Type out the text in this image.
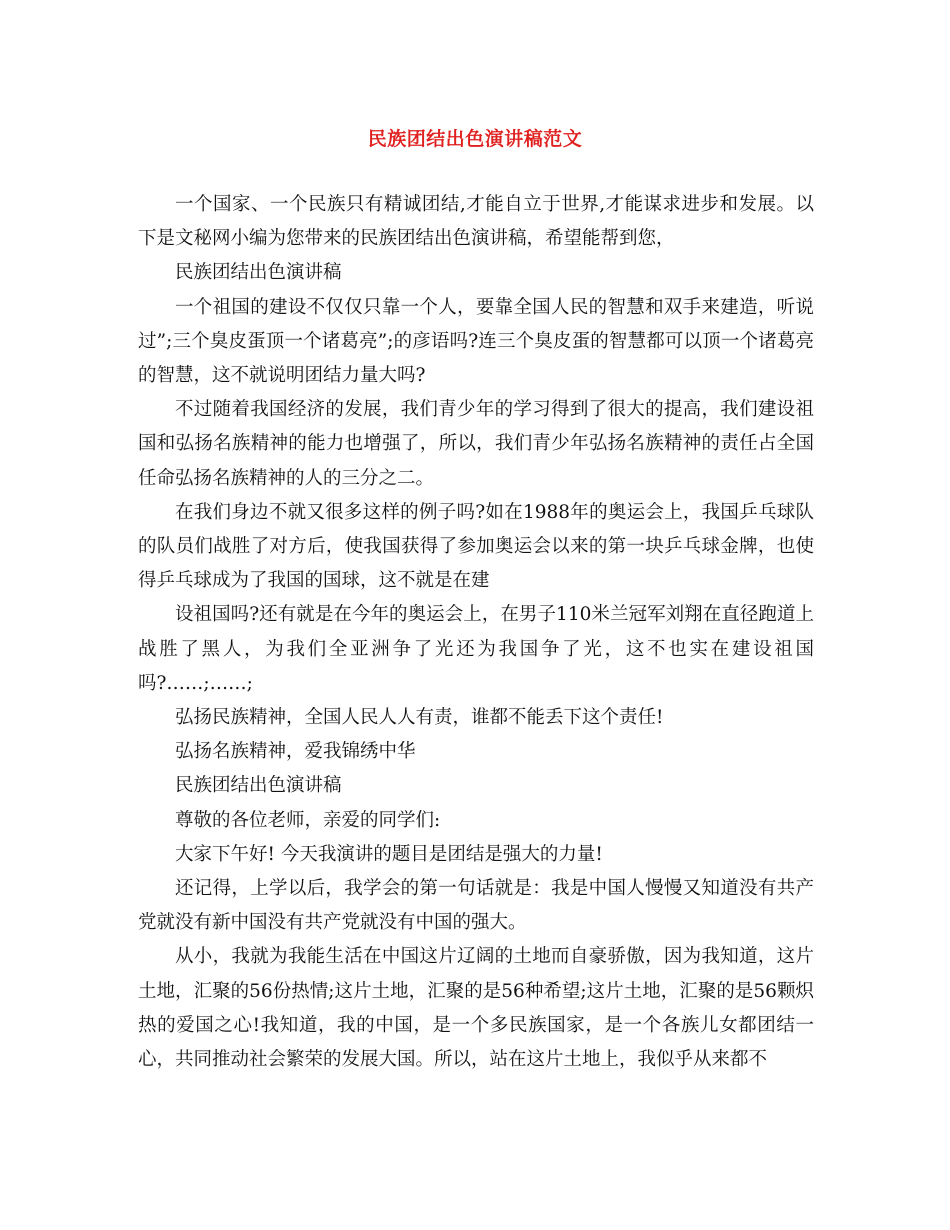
民族团结出色演讲稿范文

一个国家、一个民族只有精诚团结,才能自立于世界,才能谋求进步和发展。以下是文秘网小编为您带来的民族团结出色演讲稿，希望能帮到您，

民族团结出色演讲稿

一个祖国的建设不仅仅只靠一个人，要靠全国人民的智慧和双手来建造，听说过”;三个臭皮蛋顶一个诸葛亮”;的彦语吗?连三个臭皮蛋的智慧都可以顶一个诸葛亮的智慧，这不就说明团结力量大吗?

不过随着我国经济的发展，我们青少年的学习得到了很大的提高，我们建设祖国和弘扬名族精神的能力也增强了，所以，我们青少年弘扬名族精神的责任占全国任命弘扬名族精神的人的三分之二。

在我们身边不就又很多这样的例子吗?如在1988年的奥运会上，我国乒乓球队的队员们战胜了对方后，使我国获得了参加奥运会以来的第一块乒乓球金牌，也使得乒乓球成为了我国的国球，这不就是在建

设祖国吗?还有就是在今年的奥运会上，在男子110米兰冠军刘翔在直径跑道上战胜了黑人，为我们全亚洲争了光还为我国争了光，这不也实在建设祖国吗?……;……;

弘扬民族精神，全国人民人人有责，谁都不能丢下这个责任!

弘扬名族精神，爱我锦绣中华

民族团结出色演讲稿

尊敬的各位老师，亲爱的同学们:

大家下午好! 今天我演讲的题目是团结是强大的力量!

还记得，上学以后，我学会的第一句话就是：我是中国人慢慢又知道没有共产党就没有新中国没有共产党就没有中国的强大。

从小，我就为我能生活在中国这片辽阔的土地而自豪骄傲，因为我知道，这片土地，汇聚的56份热情;这片土地，汇聚的是56种希望;这片土地，汇聚的是56颗炽热的爱国之心!我知道，我的中国，是一个多民族国家，是一个各族儿女都团结一心，共同推动社会繁荣的发展大国。所以，站在这片土地上，我似乎从来都不
